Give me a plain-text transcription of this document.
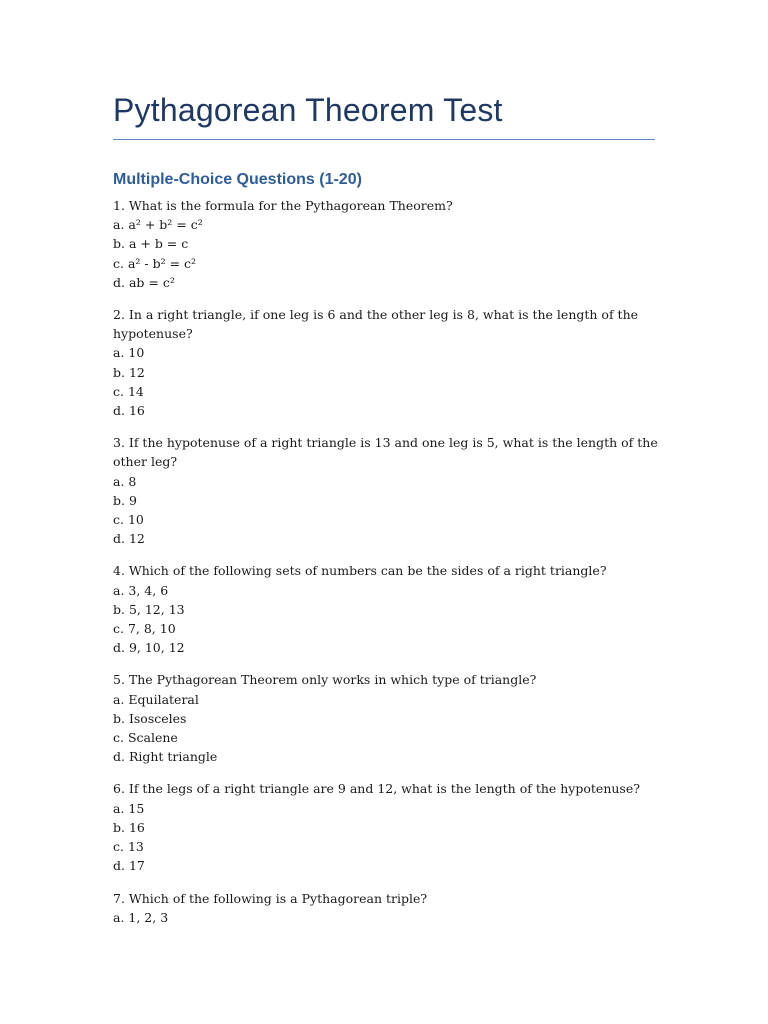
Pythagorean Theorem Test
Multiple-Choice Questions (1-20)

1. What is the formula for the Pythagorean Theorem?

a. a² + b² = c²

b. a + b = c

c. a² - b² = c²

d. ab = c²

2. In a right triangle, if one leg is 6 and the other leg is 8, what is the length of the hypotenuse?

a. 10

b. 12

c. 14

d. 16

3. If the hypotenuse of a right triangle is 13 and one leg is 5, what is the length of the other leg?

a. 8

b. 9

c. 10

d. 12

4. Which of the following sets of numbers can be the sides of a right triangle?

a. 3, 4, 6

b. 5, 12, 13

c. 7, 8, 10

d. 9, 10, 12

5. The Pythagorean Theorem only works in which type of triangle?

a. Equilateral

b. Isosceles

c. Scalene

d. Right triangle

6. If the legs of a right triangle are 9 and 12, what is the length of the hypotenuse?

a. 15

b. 16

c. 13

d. 17

7. Which of the following is a Pythagorean triple?

a. 1, 2, 3
